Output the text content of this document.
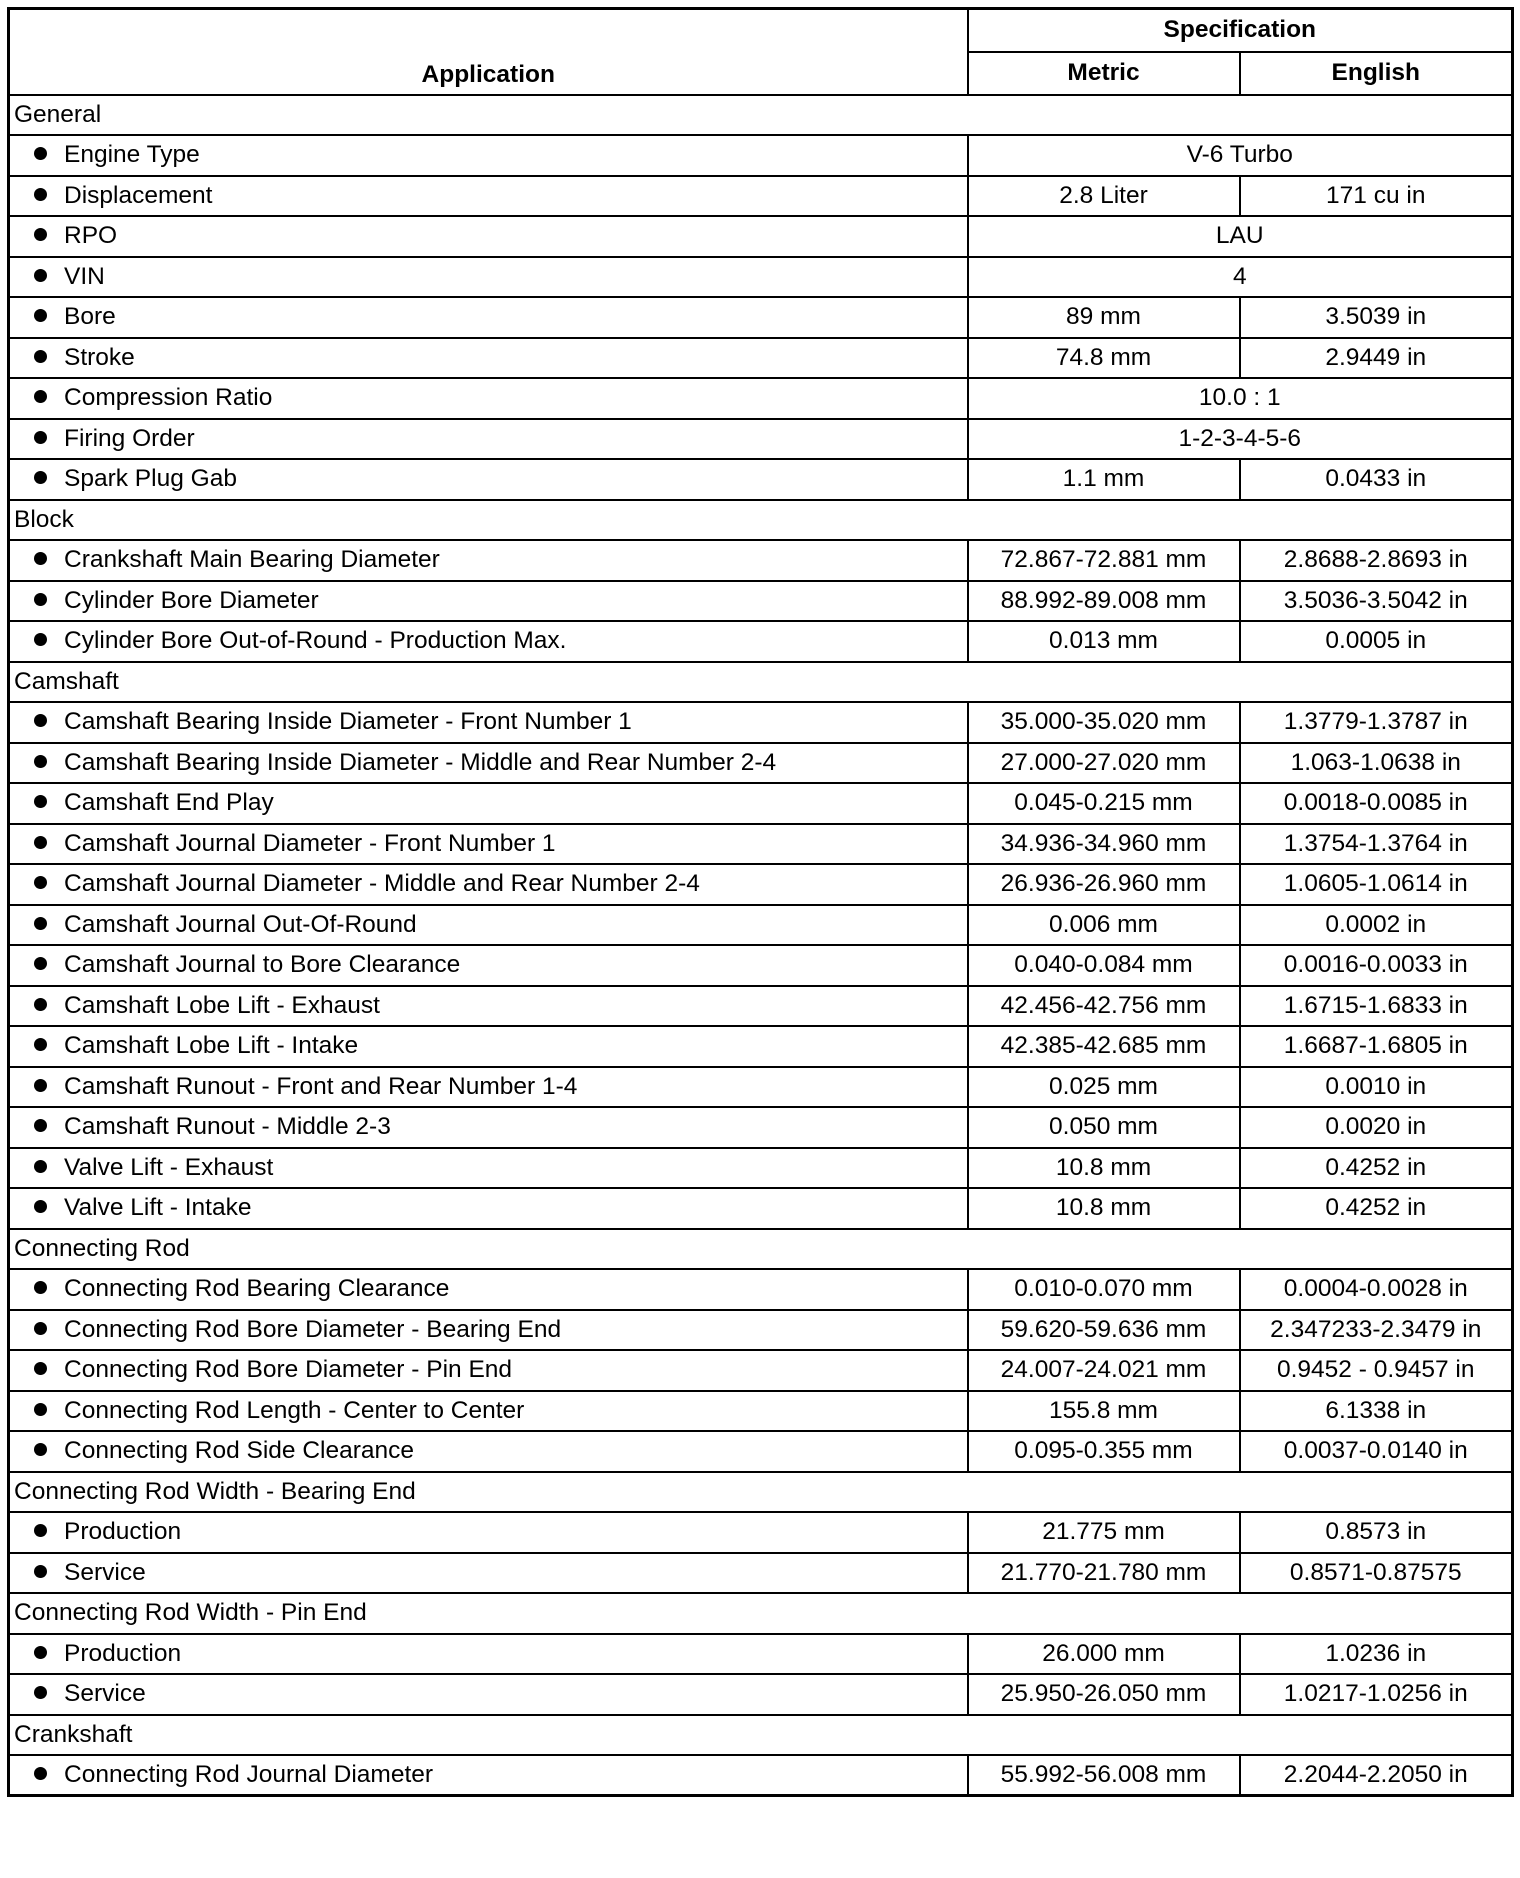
Application	Specification	
	Metric	English
General		
Engine Type	V-6 Turbo	
Displacement	2.8 Liter	171 cu in
RPO	LAU	
VIN	4	
Bore	89 mm	3.5039 in
Stroke	74.8 mm	2.9449 in
Compression Ratio	10.0 : 1	
Firing Order	1-2-3-4-5-6	
Spark Plug Gab	1.1 mm	0.0433 in
Block		
Crankshaft Main Bearing Diameter	72.867-72.881 mm	2.8688-2.8693 in
Cylinder Bore Diameter	88.992-89.008 mm	3.5036-3.5042 in
Cylinder Bore Out-of-Round - Production Max.	0.013 mm	0.0005 in
Camshaft		
Camshaft Bearing Inside Diameter - Front Number 1	35.000-35.020 mm	1.3779-1.3787 in
Camshaft Bearing Inside Diameter - Middle and Rear Number 2-4	27.000-27.020 mm	1.063-1.0638 in
Camshaft End Play	0.045-0.215 mm	0.0018-0.0085 in
Camshaft Journal Diameter - Front Number 1	34.936-34.960 mm	1.3754-1.3764 in
Camshaft Journal Diameter - Middle and Rear Number 2-4	26.936-26.960 mm	1.0605-1.0614 in
Camshaft Journal Out-Of-Round	0.006 mm	0.0002 in
Camshaft Journal to Bore Clearance	0.040-0.084 mm	0.0016-0.0033 in
Camshaft Lobe Lift - Exhaust	42.456-42.756 mm	1.6715-1.6833 in
Camshaft Lobe Lift - Intake	42.385-42.685 mm	1.6687-1.6805 in
Camshaft Runout - Front and Rear Number 1-4	0.025 mm	0.0010 in
Camshaft Runout - Middle 2-3	0.050 mm	0.0020 in
Valve Lift - Exhaust	10.8 mm	0.4252 in
Valve Lift - Intake	10.8 mm	0.4252 in
Connecting Rod		
Connecting Rod Bearing Clearance	0.010-0.070 mm	0.0004-0.0028 in
Connecting Rod Bore Diameter - Bearing End	59.620-59.636 mm	2.347233-2.3479 in
Connecting Rod Bore Diameter - Pin End	24.007-24.021 mm	0.9452 - 0.9457 in
Connecting Rod Length - Center to Center	155.8 mm	6.1338 in
Connecting Rod Side Clearance	0.095-0.355 mm	0.0037-0.0140 in
Connecting Rod Width - Bearing End		
Production	21.775 mm	0.8573 in
Service	21.770-21.780 mm	0.8571-0.87575
Connecting Rod Width - Pin End		
Production	26.000 mm	1.0236 in
Service	25.950-26.050 mm	1.0217-1.0256 in
Crankshaft		
Connecting Rod Journal Diameter	55.992-56.008 mm	2.2044-2.2050 in
